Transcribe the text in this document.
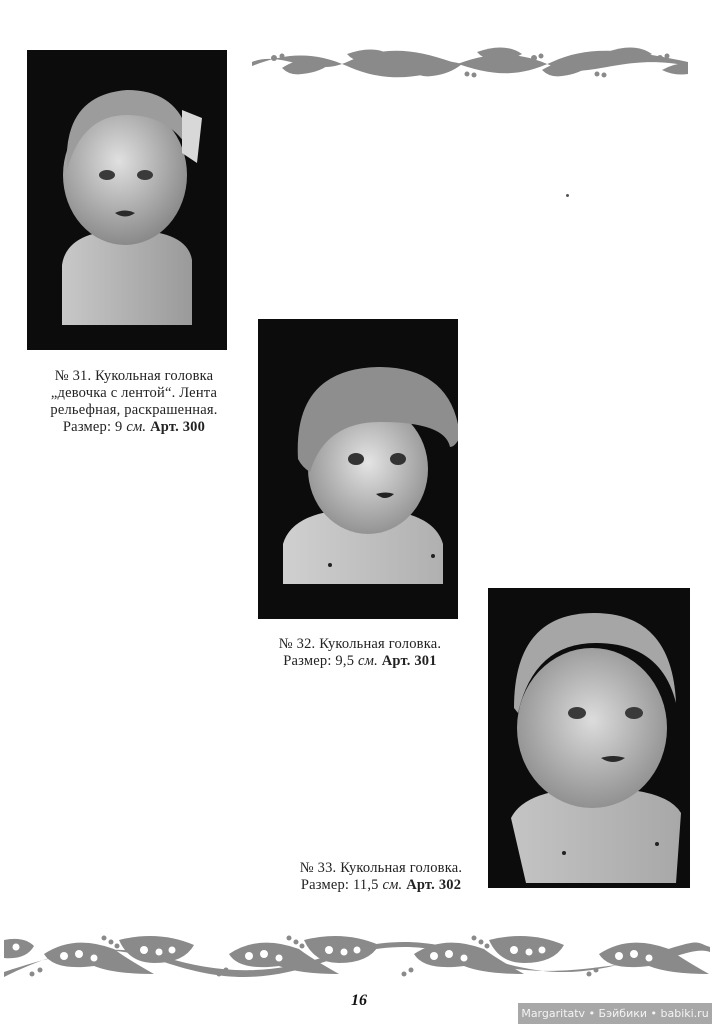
№ 31. Кукольная головка
„девочка с лентой“. Лента
рельефная, раскрашенная.
Размер: 9 см. Арт. 300
№ 32. Кукольная головка.
Размер: 9,5 см. Арт. 301
№ 33. Кукольная головка.
Размер: 11,5 см. Арт. 302
16
Margaritatv • Бэйбики • babiki.ru
